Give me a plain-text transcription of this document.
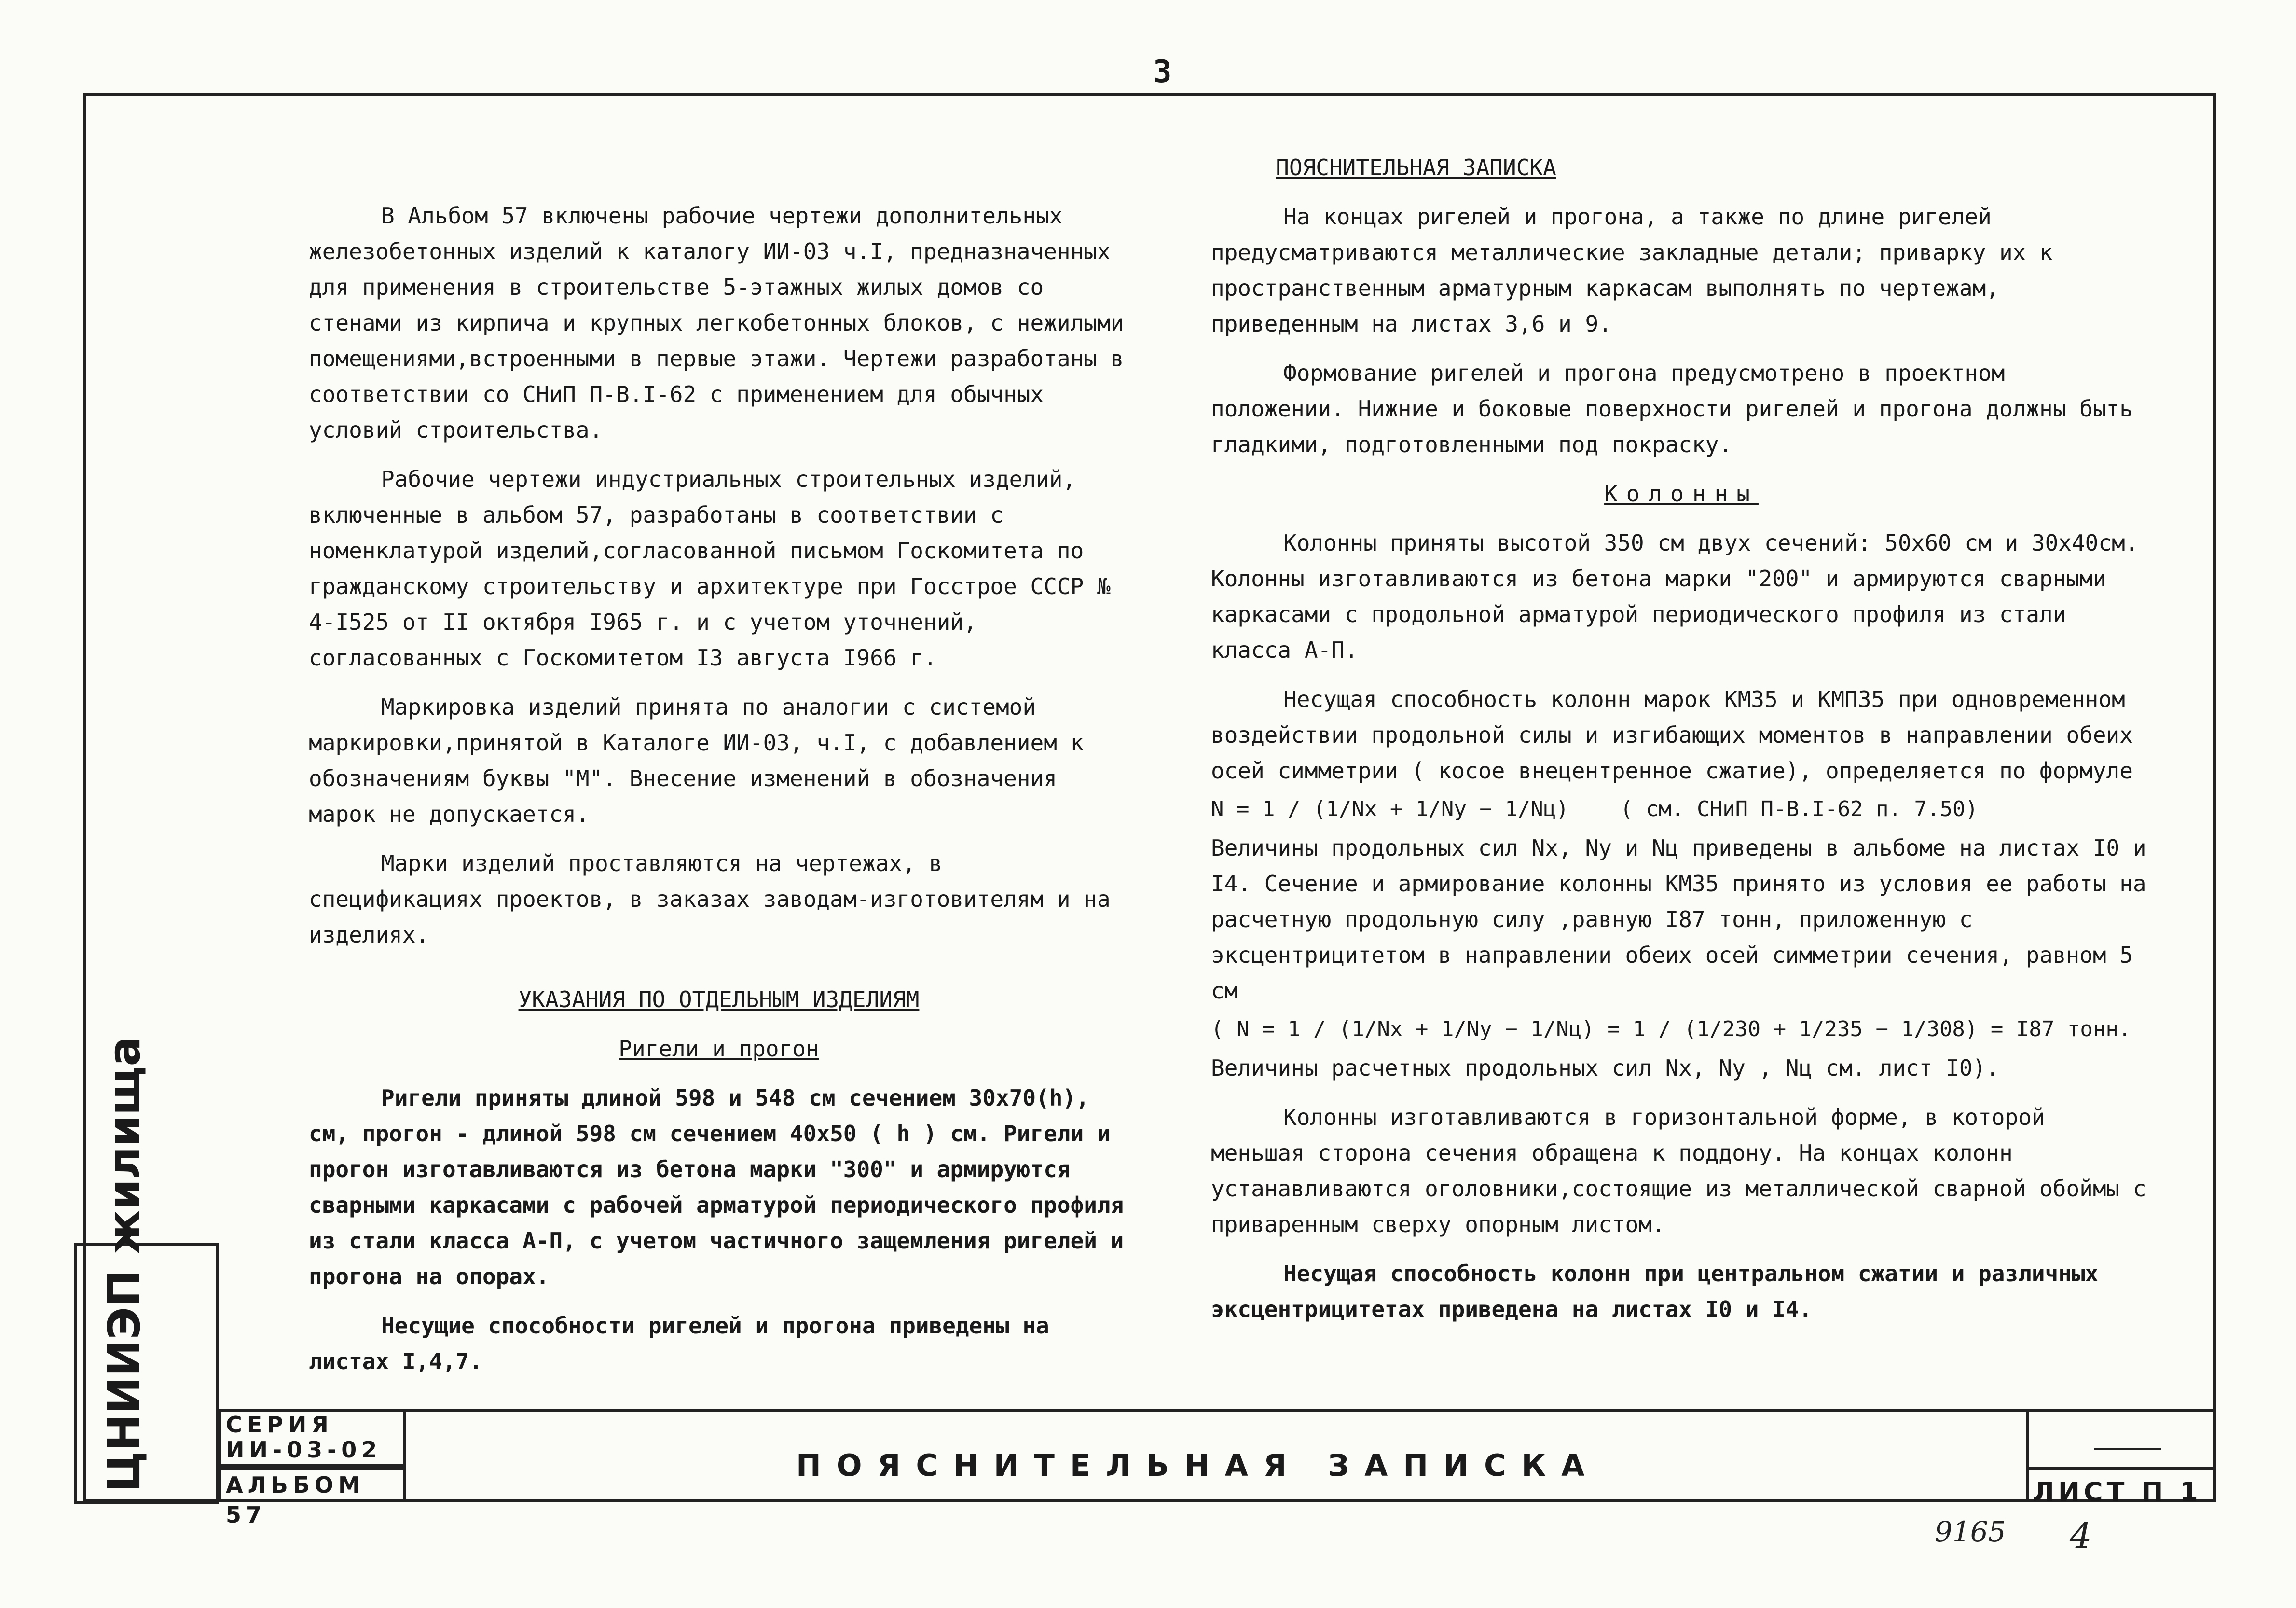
3

В Альбом 57 включены рабочие чертежи дополнительных железобетонных изделий к каталогу ИИ-03 ч.I, предназначенных для применения в строительстве 5-этажных жилых домов со стенами из кирпича и крупных легкобетонных блоков, с нежилыми помещениями,встроенными в первые этажи. Чертежи разработаны в соответствии со СНиП П-В.I-62 с применением для обычных условий строительства.

Рабочие чертежи индустриальных строительных изделий, включенные в альбом 57, разработаны в соответствии с номенклатурой изделий,согласованной письмом Госкомитета по гражданскому строительству и архитектуре при Госстрое СССР № 4-I525 от II октября I965 г. и с учетом уточнений, согласованных с Госкомитетом I3 августа I966 г.

Маркировка изделий принята по аналогии с системой маркировки,принятой в Каталоге ИИ-03, ч.I, с добавлением к обозначениям буквы "М". Внесение изменений в обозначения марок не допускается.

Марки изделий проставляются на чертежах, в спецификациях проектов, в заказах заводам-изготовителям и на изделиях.

УКАЗАНИЯ ПО ОТДЕЛЬНЫМ ИЗДЕЛИЯМ

Ригели и прогон

Ригели приняты длиной 598 и 548 см сечением 30х70(h), см, прогон - длиной 598 см сечением 40х50 ( h ) см. Ригели и прогон изготавливаются из бетона марки "300" и армируются сварными каркасами с рабочей арматурой периодического профиля из стали класса А-П, с учетом частичного защемления ригелей и прогона на опорах.

Несущие способности ригелей и прогона приведены на листах I,4,7.

ПОЯСНИТЕЛЬНАЯ ЗАПИСКА

На концах ригелей и прогона, а также по длине ригелей предусматриваются металлические закладные детали; приварку их к пространственным арматурным каркасам выполнять по чертежам, приведенным на листах 3,6 и 9.

Формование ригелей и прогона предусмотрено в проектном положении. Нижние и боковые поверхности ригелей и прогона должны быть гладкими, подготовленными под покраску.

Колонны

Колонны приняты высотой 350 см двух сечений: 50х60 см и 30х40см. Колонны изготавливаются из бетона марки "200" и армируются сварными каркасами с продольной арматурой периодического профиля из стали класса А-П.

Несущая способность колонн марок КМ35 и КМП35 при одновременном воздействии продольной силы и изгибающих моментов в направлении обеих осей симметрии ( косое внецентренное сжатие), определяется по формуле

N = 1 / (1/Nx + 1/Ny − 1/Nц) ( см. СНиП П-В.I-62 п. 7.50)

Величины продольных сил Nx, Ny и Nц приведены в альбоме на листах I0 и I4. Сечение и армирование колонны КМ35 принято из условия ее работы на расчетную продольную силу ,равную I87 тонн, приложенную с эксцентрицитетом в направлении обеих осей симметрии сечения, равном 5 см

( N = 1 / (1/Nx + 1/Ny − 1/Nц) = 1 / (1/230 + 1/235 − 1/308) = I87 тонн.

Величины расчетных продольных сил Nx, Ny , Nц см. лист I0).

Колонны изготавливаются в горизонтальной форме, в которой меньшая сторона сечения обращена к поддону. На концах колонн устанавливаются оголовники,состоящие из металлической сварной обоймы с приваренным сверху опорным листом.

Несущая способность колонн при центральном сжатии и различных эксцентрицитетах приведена на листах I0 и I4.

ЦНИИЭП жилища	СЕРИЯ
ИИ-03-02
АЛЬБОМ 57
ПОЯСНИТЕЛЬНАЯ ЗАПИСКА
ЛИСТ П 1
9165 4
